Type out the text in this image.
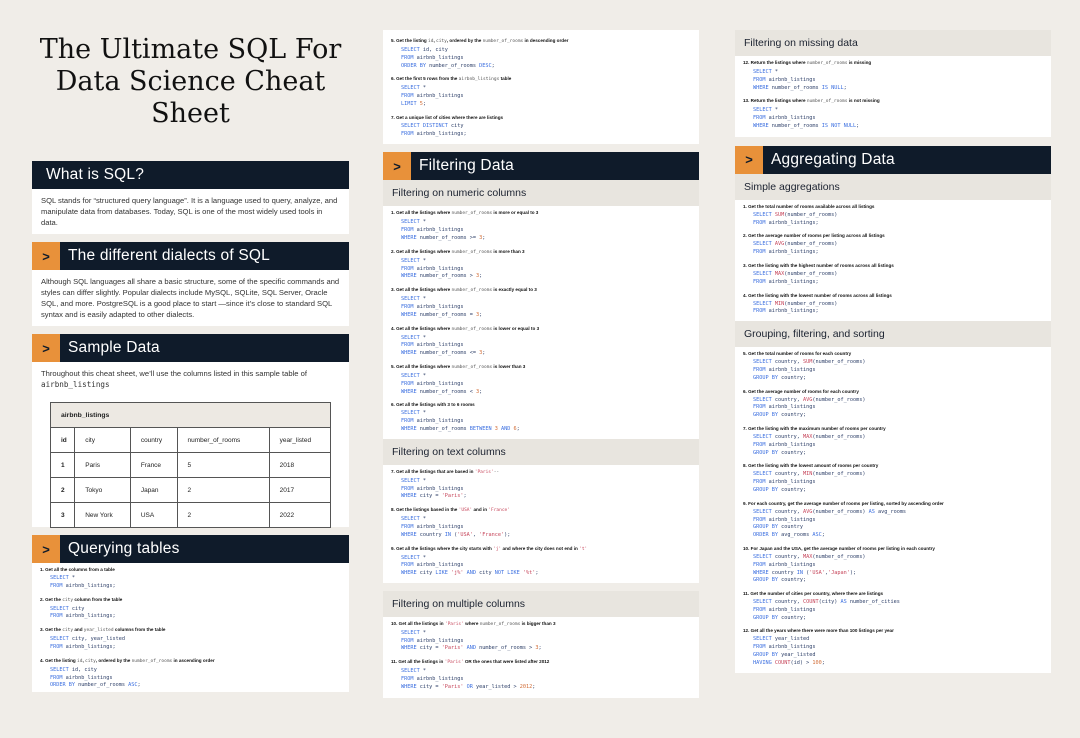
The Ultimate SQL For Data Science Cheat Sheet
What is SQL?
SQL stands for “structured query language”. It is a language used to query, analyze, and manipulate data from databases. Today, SQL is one of the most widely used tools in data.
>	The different dialects of SQL
Although SQL languages all share a basic structure, some of the specific commands and styles can differ slightly. Popular dialects include MySQL, SQLite, SQL Server, Oracle SQL, and more. PostgreSQL is a good place to start —since it’s close to standard SQL syntax and is easily adapted to other dialects.
>	Sample Data
Throughout this cheat sheet, we’ll use the columns listed in this sample table of
airbnb_listings
airbnb_listings				
id	city	country	number_of_rooms	year_listed
1	Paris	France	5	2018
2	Tokyo	Japan	2	2017
3	New York	USA	2	2022
>	Querying tables
1. Get all the columns from a table
SELECT *
FROM airbnb_listings;
2. Get the city column from the table
SELECT city
FROM airbnb_listings;
3. Get the city and year_listed columns from the table
SELECT city, year_listed
FROM airbnb_listings;
4. Get the listing id, city, ordered by the number_of_rooms in ascending order
SELECT id, city
FROM airbnb_listings
ORDER BY number_of_rooms ASC;
5. Get the listing id, city, ordered by the number_of_rooms in descending order
SELECT id, city
FROM airbnb_listings
ORDER BY number_of_rooms DESC;
6. Get the first 5 rows from the airbnb_listings table
SELECT *
FROM airbnb_listings
LIMIT 5;
7. Get a unique list of cities where there are listings
SELECT DISTINCT city
FROM airbnb_listings;
>	Filtering Data
Filtering on numeric columns
1. Get all the listings where number_of_rooms is more or equal to 3
SELECT *
FROM airbnb_listings
WHERE number_of_rooms >= 3;
2. Get all the listings where number_of_rooms is more than 3
SELECT *
FROM airbnb_listings
WHERE number_of_rooms > 3;
3. Get all the listings where number_of_rooms is exactly equal to 3
SELECT *
FROM airbnb_listings
WHERE number_of_rooms = 3;
4. Get all the listings where number_of_rooms is lower or equal to 3
SELECT *
FROM airbnb_listings
WHERE number_of_rooms <= 3;
5. Get all the listings where number_of_rooms is lower than 3
SELECT *
FROM airbnb_listings
WHERE number_of_rooms < 3;
6. Get all the listings with 3 to 6 rooms
SELECT *
FROM airbnb_listings
WHERE number_of_rooms BETWEEN 3 AND 6;
Filtering on text columns
7. Get all the listings that are based in 'Paris'--
SELECT *
FROM airbnb_listings
WHERE city = 'Paris';
8. Get the listings based in the 'USA' and in 'France'
SELECT *
FROM airbnb_listings
WHERE country IN ('USA', 'France');
9. Get all the listings where the city starts with 'j' and where the city does not end in 't'
SELECT *
FROM airbnb_listings
WHERE city LIKE 'j%' AND city NOT LIKE '%t';
Filtering on multiple columns
10. Get all the listings in 'Paris' where number_of_rooms is bigger than 3
SELECT *
FROM airbnb_listings
WHERE city = 'Paris' AND number_of_rooms > 3;
11. Get all the listings in 'Paris' OR the ones that were listed after 2012
SELECT *
FROM airbnb_listings
WHERE city = 'Paris' OR year_listed > 2012;
Filtering on missing data
12. Return the listings where number_of_rooms is missing
SELECT *
FROM airbnb_listings
WHERE number_of_rooms IS NULL;
13. Return the listings where number_of_rooms is not missing
SELECT *
FROM airbnb_listings
WHERE number_of_rooms IS NOT NULL;
>	Aggregating Data
Simple aggregations
1. Get the total number of rooms available across all listings
SELECT SUM(number_of_rooms)
FROM airbnb_listings;
2. Get the average number of rooms per listing across all listings
SELECT AVG(number_of_rooms)
FROM airbnb_listings;
3. Get the listing with the highest number of rooms across all listings
SELECT MAX(number_of_rooms)
FROM airbnb_listings;
4. Get the listing with the lowest number of rooms across all listings
SELECT MIN(number_of_rooms)
FROM airbnb_listings;
Grouping, filtering, and sorting
5. Get the total number of rooms for each country
SELECT country, SUM(number_of_rooms)
FROM airbnb_listings
GROUP BY country;
6. Get the average number of rooms for each country
SELECT country, AVG(number_of_rooms)
FROM airbnb_listings
GROUP BY country;
7. Get the listing with the maximum number of rooms per country
SELECT country, MAX(number_of_rooms)
FROM airbnb_listings
GROUP BY country;
8. Get the listing with the lowest amount of rooms per country
SELECT country, MIN(number_of_rooms)
FROM airbnb_listings
GROUP BY country;
9. For each country, get the average number of rooms per listing, sorted by ascending order
SELECT country, AVG(number_of_rooms) AS avg_rooms
FROM airbnb_listings
GROUP BY country
ORDER BY avg_rooms ASC;
10. For Japan and the USA, get the average number of rooms per listing in each country
SELECT country, MAX(number_of_rooms)
FROM airbnb_listings
WHERE country IN ('USA','Japan');
GROUP BY country;
11. Get the number of cities per country, where there are listings
SELECT country, COUNT(city) AS number_of_cities
FROM airbnb_listings
GROUP BY country;
12. Get all the years where there were more than 100 listings per year
SELECT year_listed
FROM airbnb_listings
GROUP BY year_listed
HAVING COUNT(id) > 100;
